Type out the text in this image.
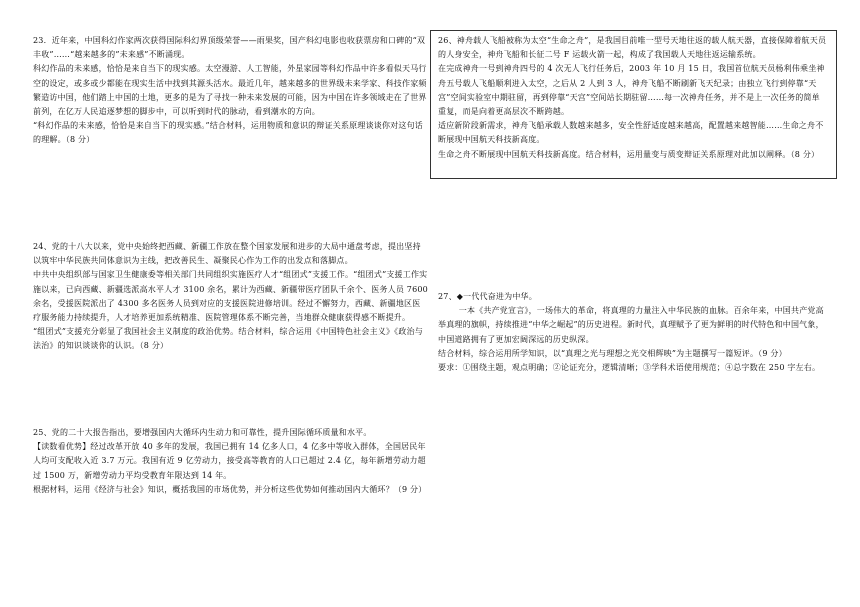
23．近年来，中国科幻作家两次获得国际科幻界顶级荣誉——雨果奖，国产科幻电影也收获票房和口碑的“双丰收”……“越来越多的”未来感”不断涌现。

科幻作品的未来感，恰恰是来自当下的现实感。太空漫游、人工智能，外星家园等科幻作品中许多看似天马行空的设定，或多或少都能在现实生活中找到其源头活水。最近几年，越来越多的世界级未来学家、科技作家频繁造访中国，他们踏上中国的土地，更多的是为了寻找一种未来发展的可能，因为中国在许多领域走在了世界前列，在亿万人民追逐梦想的脚步中，可以听到时代的脉动，看到潮水的方向。

“科幻作品的未来感，恰恰是来自当下的现实感。”结合材料，运用物质和意识的辩证关系原理谈谈你对这句话的理解。（8 分）

24、党的十八大以来，党中央始终把西藏、新疆工作放在整个国家发展和进步的大局中通盘考虑，提出坚持以筑牢中华民族共同体意识为主线，把改善民生、凝聚民心作为工作的出发点和落脚点。

中共中央组织部与国家卫生健康委等相关部门共同组织实施医疗人才“组团式”支援工作。“组团式”支援工作实施以来，已向西藏、新疆选派高水平人才 3100 余名，累计为西藏、新疆带医疗团队千余个、医务人员 7600 余名，受援医院派出了 4300 多名医务人员到对应的支援医院进修培训。经过不懈努力，西藏、新疆地区医疗服务能力持续提升，人才培养更加系统精准、医院管理体系不断完善，当地群众健康获得感不断提升。

“组团式”支援充分彰显了我国社会主义制度的政治优势。结合材料，综合运用《中国特色社会主义》《政治与法治》的知识谈谈你的认识。（8 分）

25、党的二十大报告指出，要增强国内大循环内生动力和可靠性，提升国际循环质量和水平。

【读数看优势】经过改革开放 40 多年的发展，我国已拥有 14 亿多人口，4 亿多中等收入群体，全国居民年人均可支配收入近 3.7 万元。我国有近 9 亿劳动力，接受高等教育的人口已超过 2.4 亿，每年新增劳动力超过 1500 万，新增劳动力平均受教育年限达到 14 年。

根据材料，运用《经济与社会》知识，概括我国的市场优势，并分析这些优势如何推动国内大循环？（9 分）

26、神舟载人飞船被称为太空“生命之舟”，是我国目前唯一型号天地往返的载人航天器，直接保障着航天员的人身安全，神舟飞船和长征二号 F 运载火箭一起，构成了我国载人天地往返运输系统。

在完成神舟一号到神舟四号的 4 次无人飞行任务后，2003 年 10 月 15 日，我国首位航天员杨利伟乘坐神舟五号载人飞船顺利进入太空，之后从 2 人到 3 人，神舟飞船不断刷新飞天纪录；由独立飞行到停靠“天宫”空间实验室中期驻留，再到停靠“天宫”空间站长期驻留……每一次神舟任务，并不是上一次任务的简单重复，而是向着更高层次不断跨越。

适应新阶段新需求，神舟飞船承载人数越来越多，安全性舒适度越来越高，配置越来越智能……生命之舟不断展现中国航天科技新高度。

生命之舟不断展现中国航天科技新高度。结合材料，运用量变与质变辩证关系原理对此加以阐释。（8 分）

27、◆一代代奋进为中华。

一本《共产党宣言》，一场伟大的革命，将真理的力量注入中华民族的血脉。百余年来，中国共产党高举真理的旗帜，持续推进“中华之崛起”的历史进程。新时代，真理赋予了更为鲜明的时代特色和中国气象，中国道路拥有了更加宏阔深远的历史纵深。

结合材料，综合运用所学知识，以“真理之光与理想之光交相辉映”为主题撰写一篇短评。（9 分）

要求：①围绕主题，观点明确；②论证充分，逻辑清晰；③学科术语使用规范；④总字数在 250 字左右。
